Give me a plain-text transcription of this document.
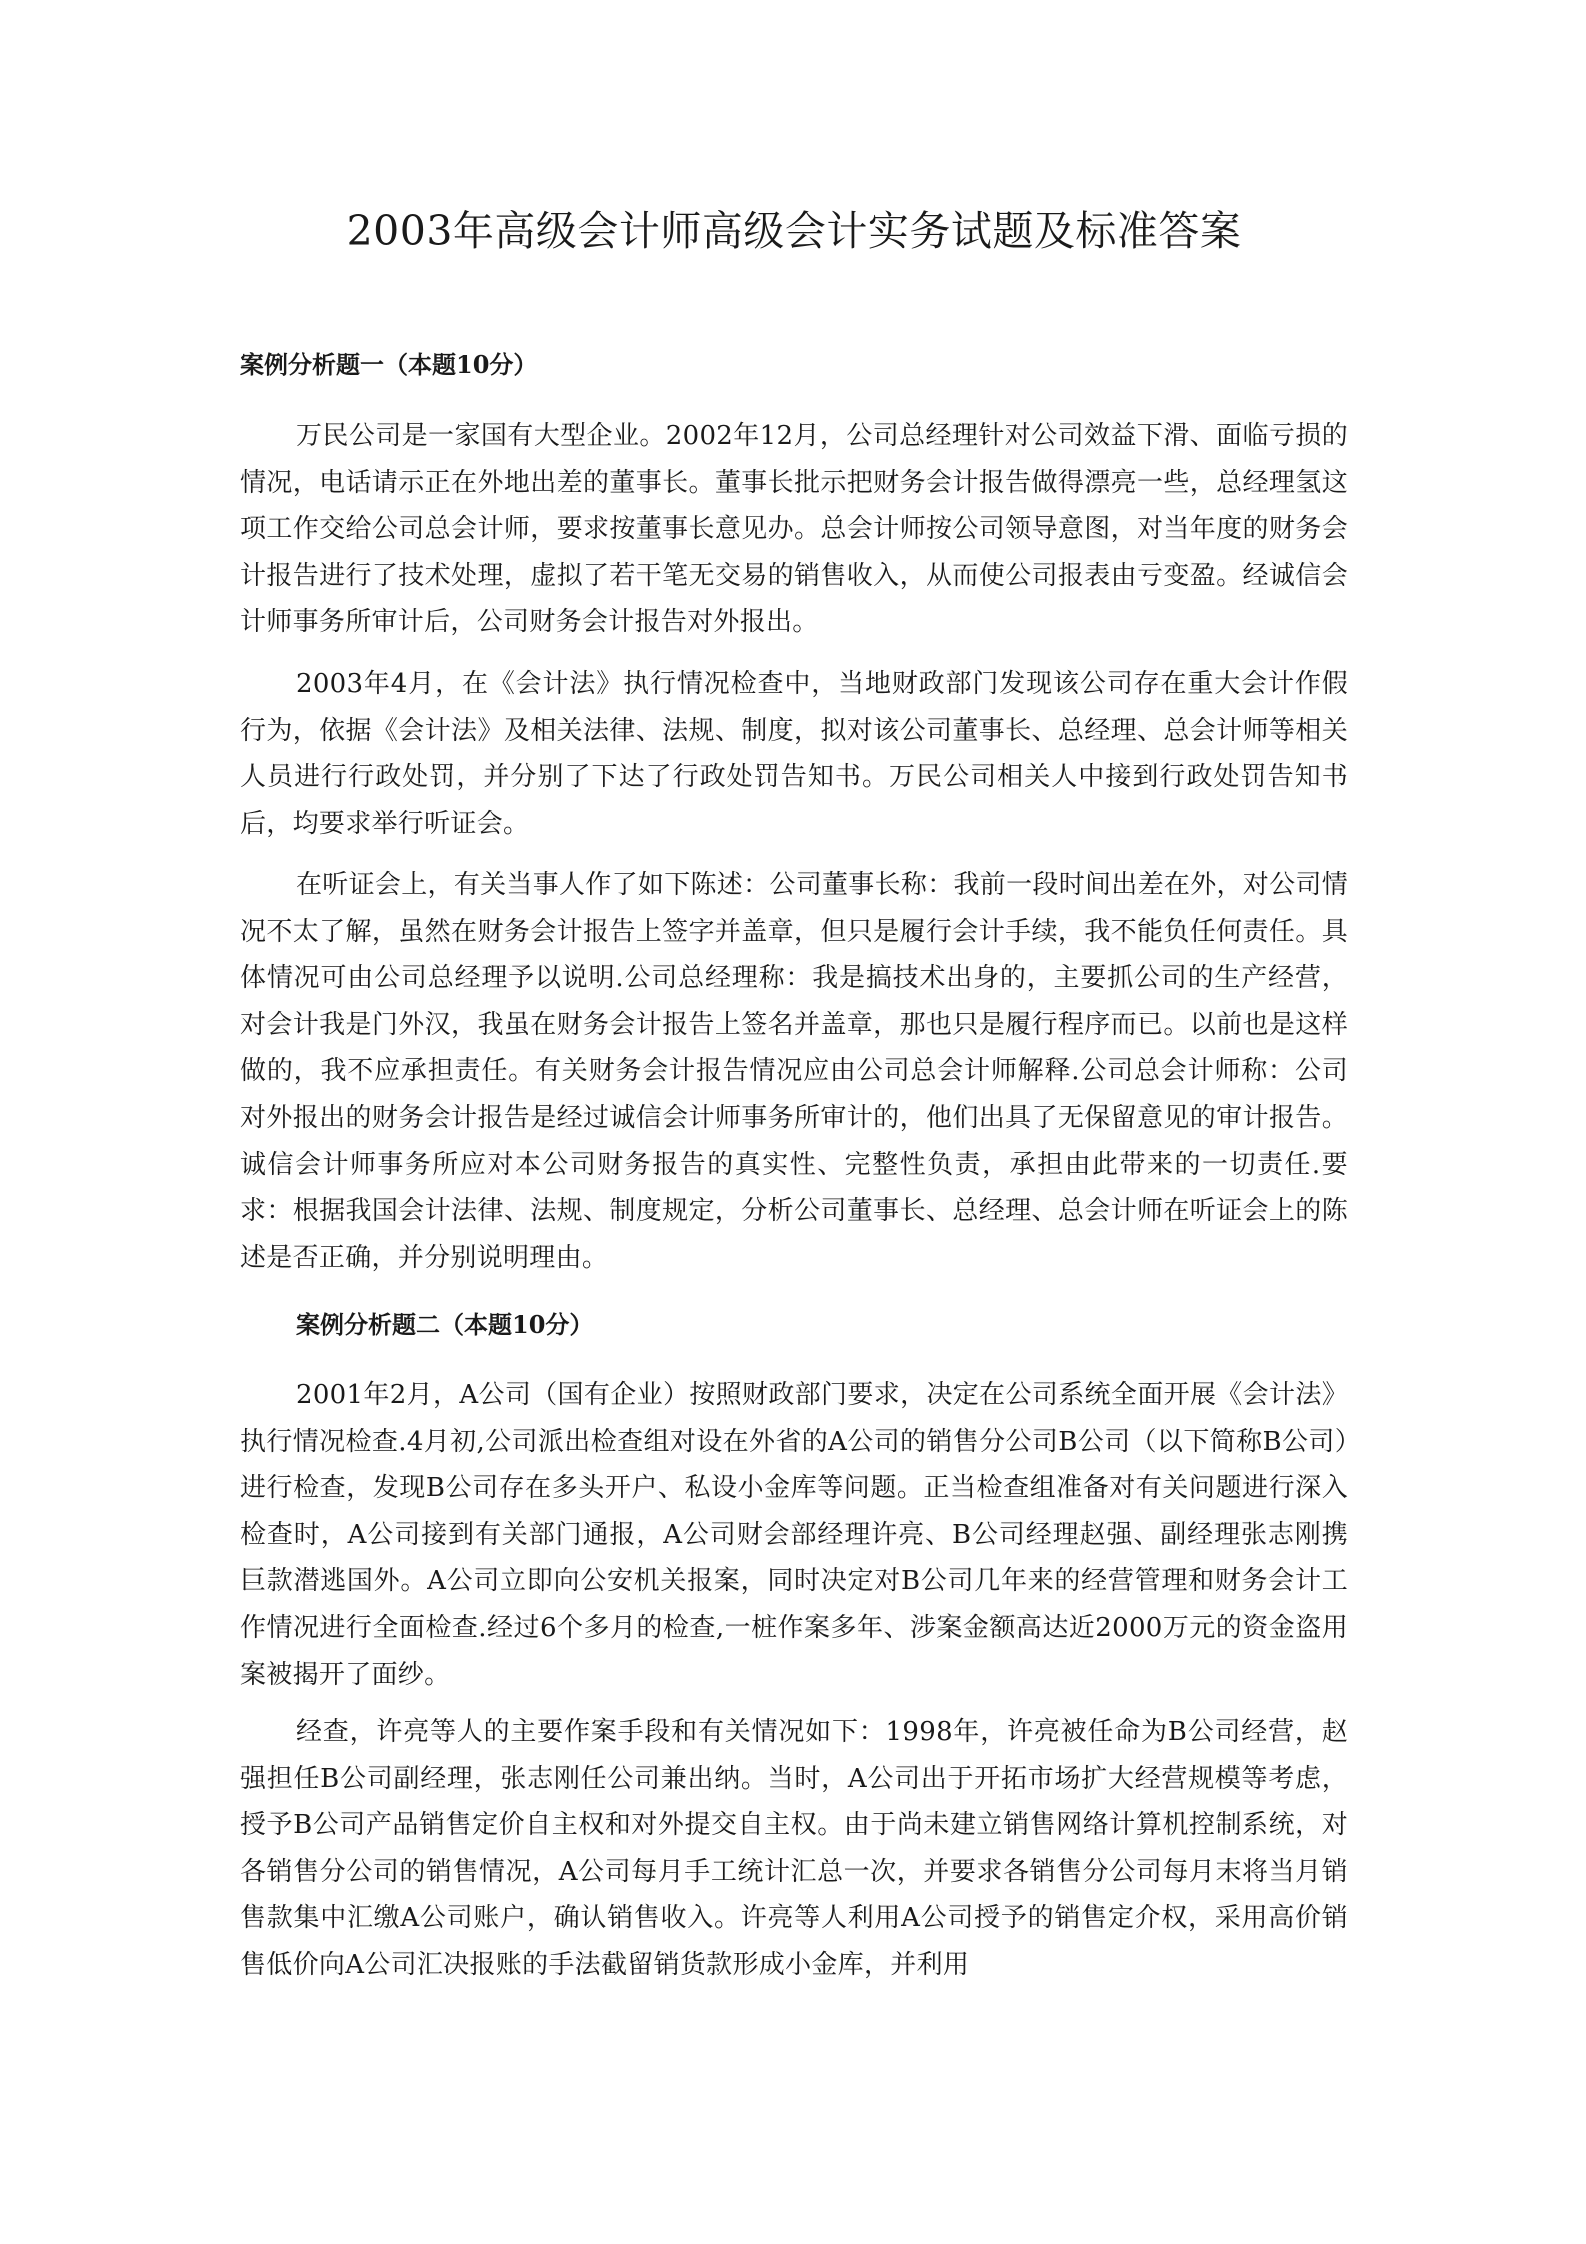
2003年高级会计师高级会计实务试题及标准答案
案例分析题一（本题10分）

万民公司是一家国有大型企业。2002年12月，公司总经理针对公司效益下滑、面临亏损的情况，电话请示正在外地出差的董事长。董事长批示把财务会计报告做得漂亮一些，总经理氢这项工作交给公司总会计师，要求按董事长意见办。总会计师按公司领导意图，对当年度的财务会计报告进行了技术处理，虚拟了若干笔无交易的销售收入，从而使公司报表由亏变盈。经诚信会计师事务所审计后，公司财务会计报告对外报出。

2003年4月，在《会计法》执行情况检查中，当地财政部门发现该公司存在重大会计作假行为，依据《会计法》及相关法律、法规、制度，拟对该公司董事长、总经理、总会计师等相关人员进行行政处罚，并分别了下达了行政处罚告知书。万民公司相关人中接到行政处罚告知书后，均要求举行听证会。

在听证会上，有关当事人作了如下陈述：公司董事长称：我前一段时间出差在外，对公司情况不太了解，虽然在财务会计报告上签字并盖章，但只是履行会计手续，我不能负任何责任。具体情况可由公司总经理予以说明.公司总经理称：我是搞技术出身的，主要抓公司的生产经营，对会计我是门外汉，我虽在财务会计报告上签名并盖章，那也只是履行程序而已。以前也是这样做的，我不应承担责任。有关财务会计报告情况应由公司总会计师解释.公司总会计师称：公司对外报出的财务会计报告是经过诚信会计师事务所审计的，他们出具了无保留意见的审计报告。诚信会计师事务所应对本公司财务报告的真实性、完整性负责，承担由此带来的一切责任.要求：根据我国会计法律、法规、制度规定，分析公司董事长、总经理、总会计师在听证会上的陈述是否正确，并分别说明理由。

案例分析题二（本题10分）

2001年2月，A公司（国有企业）按照财政部门要求，决定在公司系统全面开展《会计法》执行情况检查.4月初,公司派出检查组对设在外省的A公司的销售分公司B公司（以下简称B公司）进行检查，发现B公司存在多头开户、私设小金库等问题。正当检查组准备对有关问题进行深入检查时，A公司接到有关部门通报，A公司财会部经理许亮、B公司经理赵强、副经理张志刚携巨款潜逃国外。A公司立即向公安机关报案，同时决定对B公司几年来的经营管理和财务会计工作情况进行全面检查.经过6个多月的检查,一桩作案多年、涉案金额高达近2000万元的资金盗用案被揭开了面纱。

经查，许亮等人的主要作案手段和有关情况如下：1998年，许亮被任命为B公司经营，赵强担任B公司副经理，张志刚任公司兼出纳。当时，A公司出于开拓市场扩大经营规模等考虑，授予B公司产品销售定价自主权和对外提交自主权。由于尚未建立销售网络计算机控制系统，对各销售分公司的销售情况，A公司每月手工统计汇总一次，并要求各销售分公司每月末将当月销售款集中汇缴A公司账户，确认销售收入。许亮等人利用A公司授予的销售定介权，采用高价销售低价向A公司汇决报账的手法截留销货款形成小金库，并利用
